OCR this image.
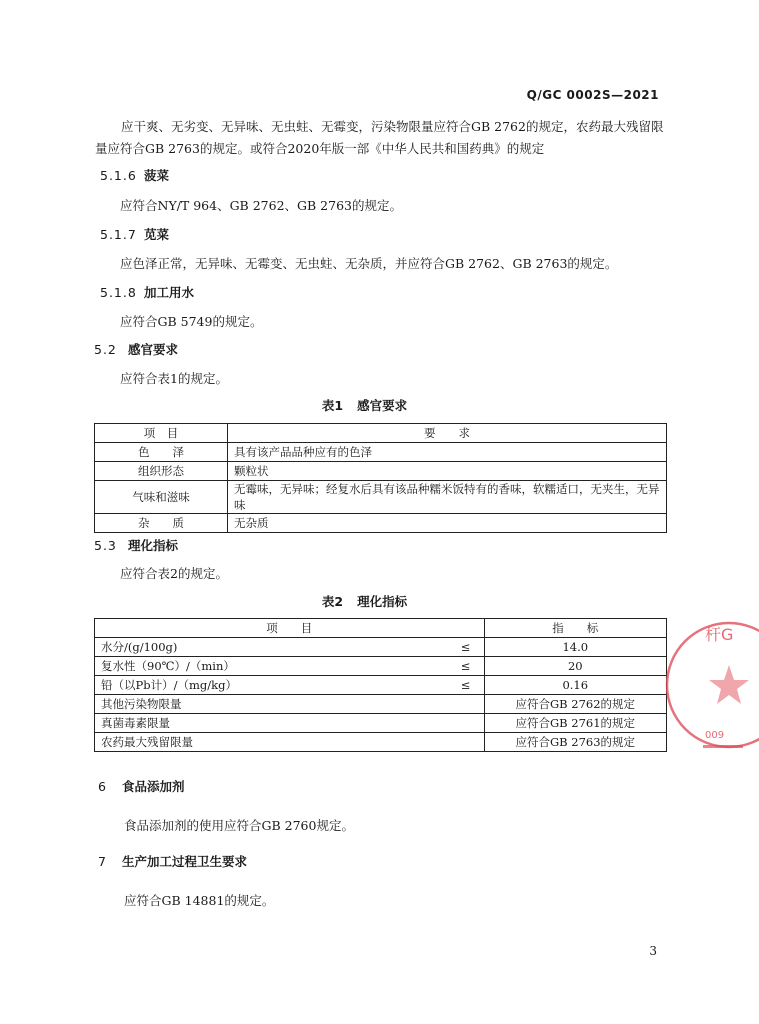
Q/GC 0002S—2021
应干爽、无劣变、无异味、无虫蛀、无霉变，污染物限量应符合GB 2762的规定，农药最大残留限量应符合GB 2763的规定。或符合2020年版一部《中华人民共和国药典》的规定
5.1.6 菠菜
应符合NY/T 964、GB 2762、GB 2763的规定。
5.1.7 苋菜
应色泽正常，无异味、无霉变、无虫蛀、无杂质，并应符合GB 2762、GB 2763的规定。
5.1.8 加工用水
应符合GB 5749的规定。
5.2 感官要求
应符合表1的规定。
表1 感官要求
项　目	要　　求
色　　泽	具有该产品品种应有的色泽
组织形态	颗粒状
气味和滋味	无霉味，无异味；经复水后具有该品种糯米饭特有的香味，软糯适口，无夹生，无异味
杂　　质	无杂质
5.3 理化指标
应符合表2的规定。
表2 理化指标
项　　目		指　　标
水分/(g/100g)	≤	14.0
复水性（90℃）/（min）	≤	20
铅（以Pb计）/（mg/kg）	≤	0.16
其他污染物限量		应符合GB 2762的规定
真菌毒素限量		应符合GB 2761的规定
农药最大残留限量		应符合GB 2763的规定
6 食品添加剂
食品添加剂的使用应符合GB 2760规定。
7 生产加工过程卫生要求
应符合GB 14881的规定。
杆G
009
3
